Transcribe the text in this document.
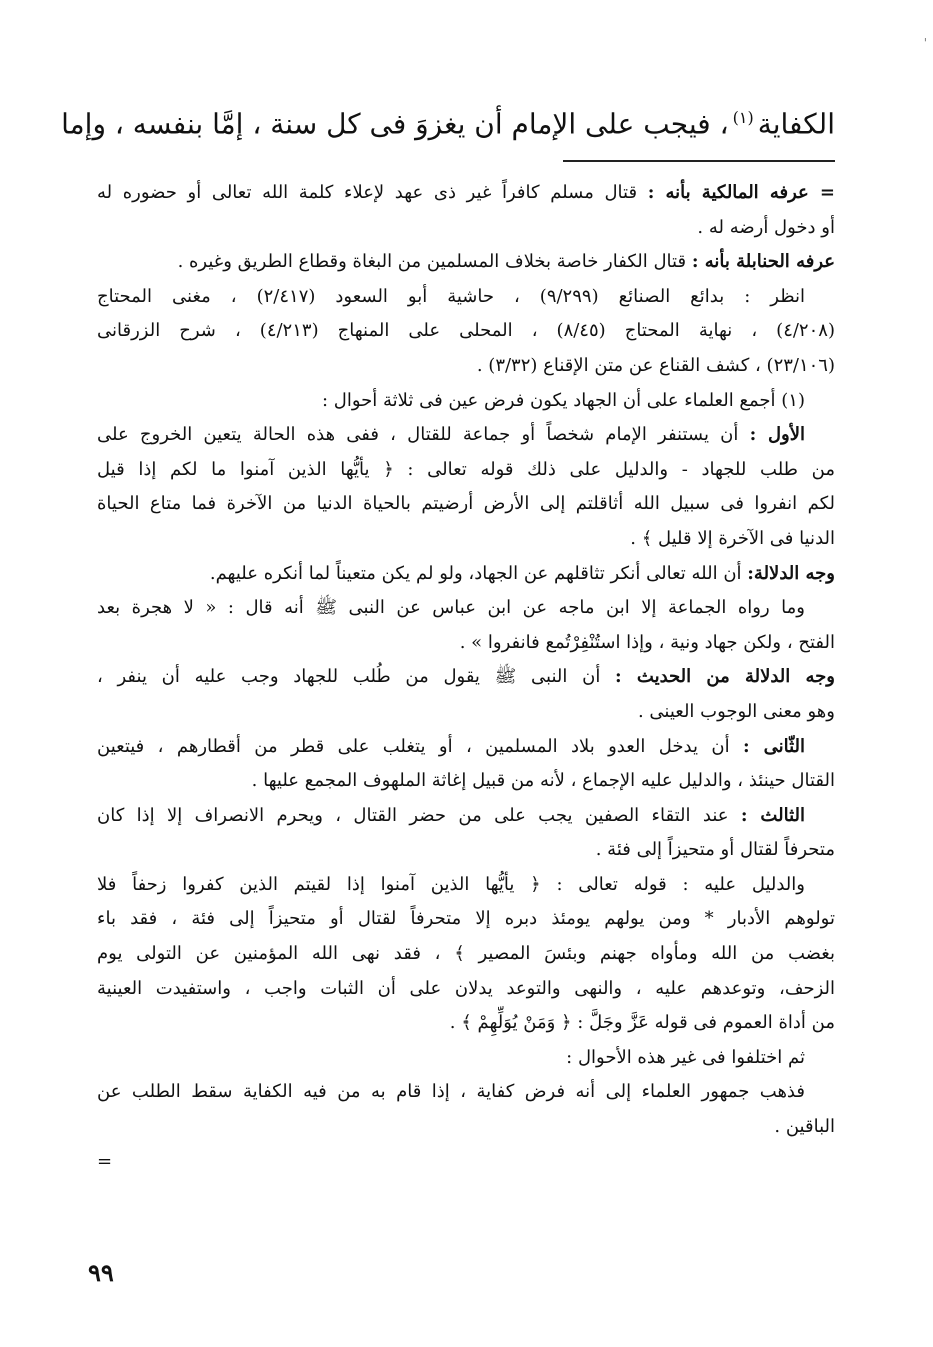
'
الكفاية$^{(١)}$، فيجب على الإمام أن يغزوَ فى كل سنة ، إمَّا بنفسه ، وإما
= عرفه المالكية بأنه : قتال مسلم كافراً غير ذى عهد لإعلاء كلمة الله تعالى أو حضوره له
أو دخول أرضه له .
عرفه الحنابلة بأنه : قتال الكفار خاصة بخلاف المسلمين من البغاة وقطاع الطريق وغيره .
انظر : بدائع الصنائع (٩/٢٩٩) ، حاشية أبو السعود (٢/٤١٧) ، مغنى المحتاج
(٤/٢٠٨) ، نهاية المحتاج (٨/٤٥) ، المحلى على المنهاج (٤/٢١٣) ، شرح الزرقانى
(٢٣/١٠٦) ، كشف القناع عن متن الإقناع (٣/٣٢) .
(١) أجمع العلماء على أن الجهاد يكون فرض عين فى ثلاثة أحوال :
الأول : أن يستنفر الإمام شخصاً أو جماعة للقتال ، ففى هذه الحالة يتعين الخروج على
من طلب للجهاد - والدليل على ذلك قوله تعالى : ﴿ يأيُّها الذين آمنوا ما لكم إذا قيل
لكم انفروا فى سبيل الله أثاقلتم إلى الأرض أرضيتم بالحياة الدنيا من الآخرة فما متاع الحياة
الدنيا فى الآخرة إلا قليل ﴾ .
وجه الدلالة: أن الله تعالى أنكر تثاقلهم عن الجهاد، ولو لم يكن متعيناً لما أنكره عليهم.
وما رواه الجماعة إلا ابن ماجه عن ابن عباس عن النبى ﷺ أنه قال : « لا هجرة بعد
الفتح ، ولكن جهاد ونية ، وإذا استُنْفِرْتُمع فانفروا » .
وجه الدلالة من الحديث : أن النبى ﷺ يقول من طُلب للجهاد وجب عليه أن ينفر ،
وهو معنى الوجوب العينى .
الثّانى : أن يدخل العدو بلاد المسلمين ، أو يتغلب على قطر من أقطارهم ، فيتعين
القتال حينئذ ، والدليل عليه الإجماع ، لأنه من قبيل إغاثة الملهوف المجمع عليها .
الثالث : عند التقاء الصفين يجب على من حضر القتال ، ويحرم الانصراف إلا إذا كان
متحرفاً لقتال أو متحيزاً إلى فئة .
والدليل عليه : قوله تعالى : ﴿ يأيُّها الذين آمنوا إذا لقيتم الذين كفروا زحفاً فلا
تولوهم الأدبار * ومن يولهم يومئذ دبره إلا متحرفاً لقتال أو متحيزاً إلى فئة ، فقد باء
بغضب من الله ومأواه جهنم وبئسَ المصير ﴾ ، فقد نهى الله المؤمنين عن التولى يوم
الزحف، وتوعدهم عليه ، والنهى والتوعد يدلان على أن الثبات واجب ، واستفيدت العينية
من أداة العموم فى قوله عَزَّ وجَلَّ : ﴿ وَمَنْ يُوَلِّهِمْ ﴾ .
ثم اختلفوا فى غير هذه الأحوال :
فذهب جمهور العلماء إلى أنه فرض كفاية ، إذا قام به من فيه الكفاية سقط الطلب عن
الباقين .
=
٩٩
